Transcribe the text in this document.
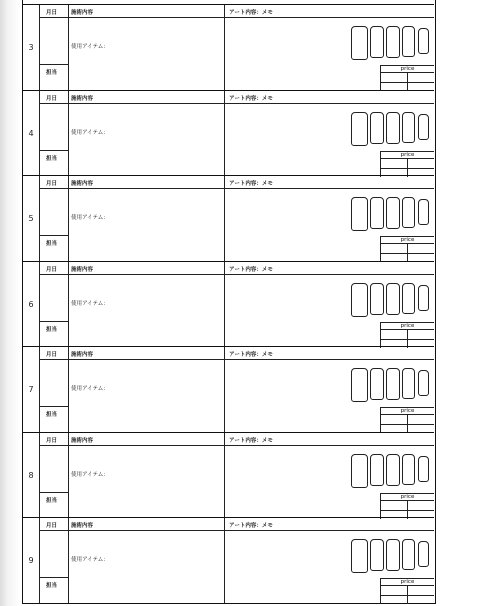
3
月日	施術内容	アート内容：メモ
使用アイテム：
担当
price
4
月日	施術内容	アート内容：メモ
使用アイテム：
担当
price
5
月日	施術内容	アート内容：メモ
使用アイテム：
担当
price
6
月日	施術内容	アート内容：メモ
使用アイテム：
担当
price
7
月日	施術内容	アート内容：メモ
使用アイテム：
担当
price
8
月日	施術内容	アート内容：メモ
使用アイテム：
担当
price
9
月日	施術内容	アート内容：メモ
使用アイテム：
担当
price
